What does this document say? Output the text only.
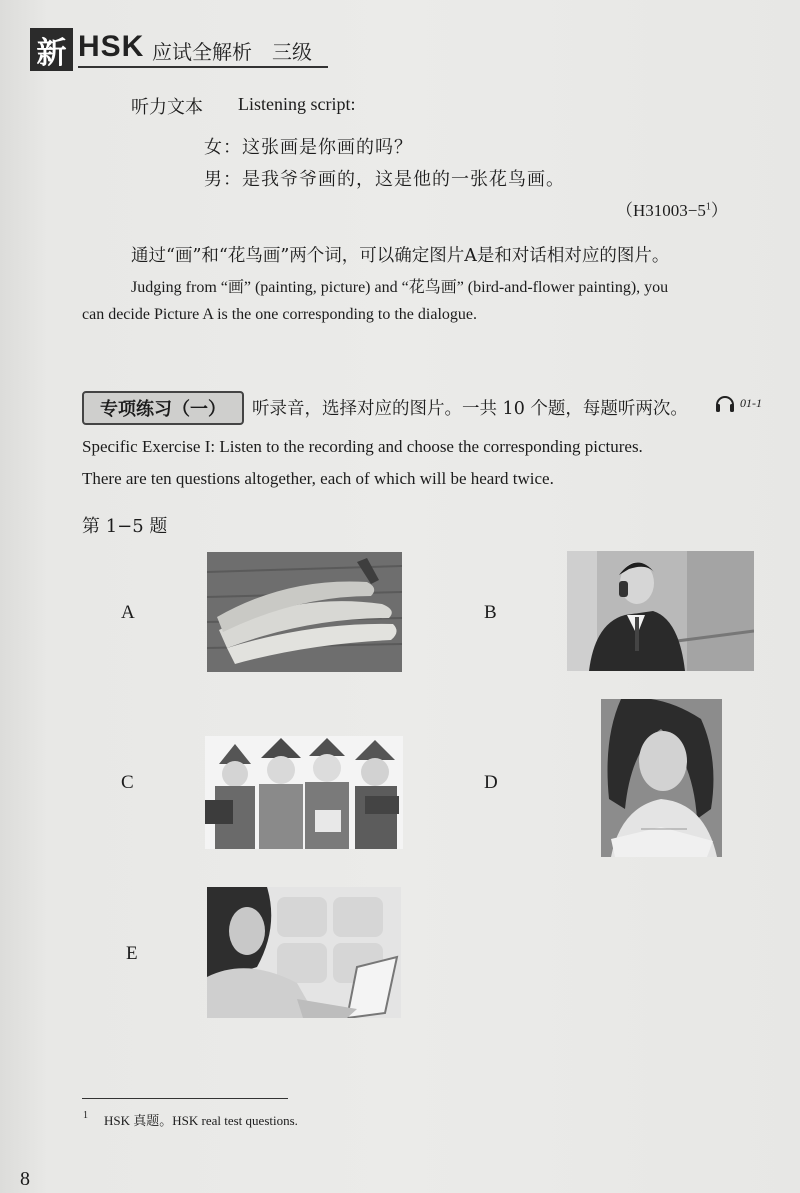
新 HSK 应试全解析　三级
听力文本 Listening script:
女：这张画是你画的吗？
男：是我爷爷画的，这是他的一张花鸟画。
$(H31003-5^1)$
通过“画”和“花鸟画”两个词，可以确定图片A是和对话相对应的图片。
Judging from “画” (painting, picture) and “花鸟画” (bird-and-flower painting), you
can decide Picture A is the one corresponding to the dialogue.
专项练习（一）	听录音，选择对应的图片。一共 10 个题，每题听两次。	01-1
Specific Exercise I: Listen to the recording and choose the corresponding pictures.
There are ten questions altogether, each of which will be heard twice.
第 1−5 题
A	B
C	D
E
1 HSK 真题。HSK real test questions.
8
